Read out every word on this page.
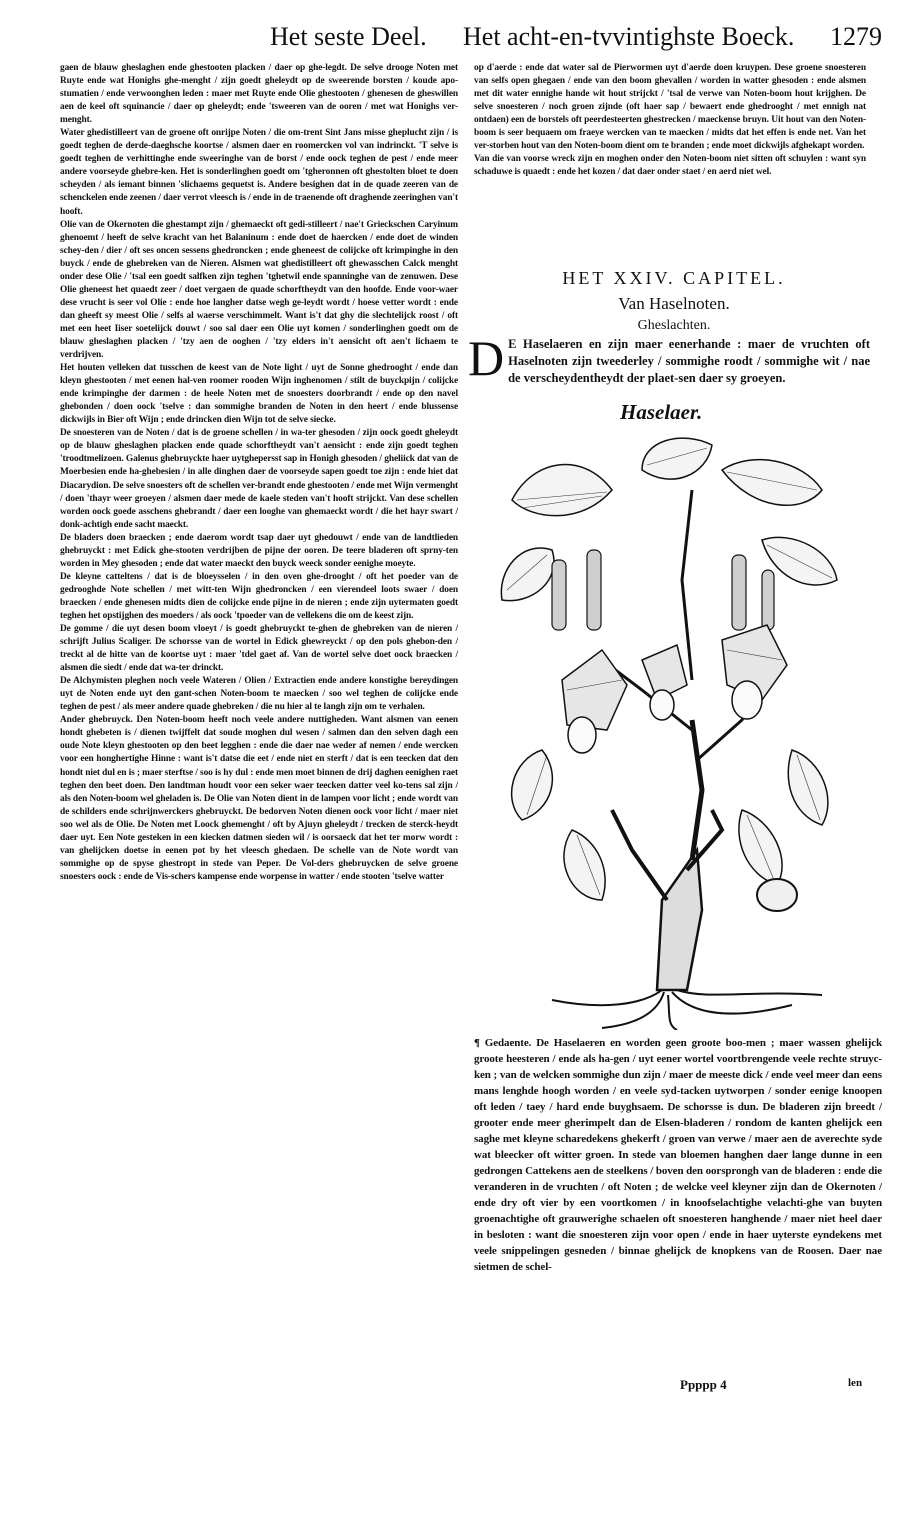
Het seste Deel. Het acht-en-tvvintighste Boeck. 1279

gaen de blauw gheslaghen ende ghestooten placken / daer op ghe-legdt. De selve drooge Noten met Ruyte ende wat Honighs ghe-menght / zijn goedt gheleydt op de sweerende borsten / koude apo-stumatien / ende verwoonghen leden : maer met Ruyte ende Olie ghestooten / ghenesen de gheswillen aen de keel oft squinancie / daer op gheleydt; ende 'tsweeren van de ooren / met wat Honighs ver-menght.

Water ghedistilleert van de groene oft onrijpe Noten / die om-trent Sint Jans misse gheplucht zijn / is goedt teghen de derde-daeghsche koortse / alsmen daer en roomercken vol van indrinckt. 'T selve is goedt teghen de verhittinghe ende sweeringhe van de borst / ende oock teghen de pest / ende meer andere voorseyde ghebre-ken. Het is sonderlinghen goedt om 'tgheronnen oft ghestolten bloet te doen scheyden / als iemant binnen 'slichaems gequetst is. Andere besighen dat in de quade zeeren van de schenckelen ende zeenen / daer verrot vleesch is / ende in de traenende oft draghende zeeringhen van't hooft.

Olie van de Okernoten die ghestampt zijn / ghemaeckt oft gedi-stilleert / nae't Grieckschen Caryinum ghenoemt / heeft de selve kracht van het Balaninum : ende doet de haercken / ende doet de winden schey-den / dier / oft ses oncen sessens ghedroncken ; ende gheneest de colijcke oft krimpinghe in den buyck / ende de ghebreken van de Nieren. Alsmen wat ghedistilleert oft ghewasschen Calck menght onder dese Olie / 'tsal een goedt salfken zijn teghen 'tghetwil ende spanninghe van de zenuwen. Dese Olie gheneest het quaedt zeer / doet vergaen de quade schorftheydt van den hoofde. Ende voor-waer dese vrucht is seer vol Olie : ende hoe langher datse wegh ge-leydt wordt / hoese vetter wordt : ende dan gheeft sy meest Olie / selfs al waerse verschimmelt. Want is't dat ghy die slechtelijck roost / oft met een heet Iiser soetelijck douwt / soo sal daer een Olie uyt komen / sonderlinghen goedt om de blauw gheslaghen placken / 'tzy aen de ooghen / 'tzy elders in't aensicht oft aen't lichaem te verdrijven.

Het houten velleken dat tusschen de keest van de Note light / uyt de Sonne ghedrooght / ende dan kleyn ghestooten / met eenen hal-ven roomer rooden Wijn inghenomen / stilt de buyckpijn / colijcke ende krimpinghe der darmen : de heele Noten met de snoesters doorbrandt / ende op den navel ghebonden / doen oock 'tselve : dan sommighe branden de Noten in den heert / ende blussense dickwijls in Bier oft Wijn ; ende drincken dien Wijn tot de selve siecke.

De snoesteren van de Noten / dat is de groene schellen / in wa-ter ghesoden / zijn oock goedt gheleydt op de blauw gheslaghen placken ende quade schorftheydt van't aensicht : ende zijn goedt teghen 'troodtmelizoen. Galenus ghebruyckte haer uytghepersst sap in Honigh ghesoden / gheliick dat van de Moerbesien ende ha-ghebesien / in alle dinghen daer de voorseyde sapen goedt toe zijn : ende hiet dat Diacarydion. De selve snoesters oft de schellen ver-brandt ende ghestooten / ende met Wijn vermenght / doen 'thayr weer groeyen / alsmen daer mede de kaele steden van't hooft strijckt. Van dese schellen worden oock goede asschens ghebrandt / daer een looghe van ghemaeckt wordt / die het hayr swart / donk-achtigh ende sacht maeckt.

De bladers doen braecken ; ende daerom wordt tsap daer uyt ghedouwt / ende van de landtlieden ghebruyckt : met Edick ghe-stooten verdrijben de pijne der ooren. De teere bladeren oft sprny-ten worden in Mey ghesoden ; ende dat water maeckt den buyck weeck sonder eenighe moeyte.

De kleyne catteltens / dat is de bloeysselen / in den oven ghe-drooght / oft het poeder van de gedrooghde Note schellen / met witt-ten Wijn ghedroncken / een vierendeel loots swaer / doen braecken / ende ghenesen midts dien de colijcke ende pijne in de nieren ; ende zijn uytermaten goedt teghen het opstijghen des moeders / als oock 'tpoeder van de vellekens die om de keest zijn.

De gomme / die uyt desen boom vloeyt / is goedt ghebruyckt te-ghen de ghebreken van de nieren / schrijft Julius Scaliger. De schorsse van de wortel in Edick ghewreyckt / op den pols ghebon-den / treckt al de hitte van de koortse uyt : maer 'tdel gaet af. Van de wortel selve doet oock braecken / alsmen die siedt / ende dat wa-ter drinckt.

De Alchymisten pleghen noch veele Wateren / Olien / Extractien ende andere konstighe bereydingen uyt de Noten ende uyt den gant-schen Noten-boom te maecken / soo wel teghen de colijcke ende teghen de pest / als meer andere quade ghebreken / die nu hier al te langh zijn om te verhalen.

Ander ghebruyck. Den Noten-boom heeft noch veele andere nuttigheden. Want alsmen van eenen hondt ghebeten is / dienen twijffelt dat soude moghen dul wesen / salmen dan den selven dagh een oude Note kleyn ghestooten op den beet legghen : ende die daer nae weder af nemen / ende wercken voor een honghertighe Hinne : want is't datse die eet / ende niet en sterft / dat is een teecken dat den hondt niet dul en is ; maer sterftse / soo is hy dul : ende men moet binnen de drij daghen eenighen raet teghen den beet doen. Den landtman houdt voor een seker waer teecken datter veel ko-tens sal zijn / als den Noten-boom wel gheladen is. De Olie van Noten dient in de lampen voor licht ; ende wordt van de schilders ende schrijnwerckers ghebruyckt. De bedorven Noten dienen oock voor licht / maer niet soo wel als de Olie. De Noten met Loock ghemenght / oft by Ajuyn gheleydt / trecken de sterck-heydt daer uyt. Een Note gesteken in een kiecken datmen sieden wil / is oorsaeck dat het ter morw wordt : van ghelijcken doetse in eenen pot by het vleesch ghedaen. De schelle van de Note wordt van sommighe op de spyse ghestropt in stede van Peper. De Vol-ders ghebruycken de selve groene snoesters oock : ende de Vis-schers kampense ende worpense in watter / ende stooten 'tselve watter

op d'aerde : ende dat water sal de Pierwormen uyt d'aerde doen kruypen. Dese groene snoesteren van selfs open ghegaen / ende van den boom ghevallen / worden in watter ghesoden : ende alsmen met dit water ennighe hande wit hout strijckt / 'tsal de verwe van Noten-boom hout krijghen. De selve snoesteren / noch groen zijnde (oft haer sap / bewaert ende ghedrooght / met ennigh nat ontdaen) een de borstels oft peerdesteerten ghestrecken / maeckense bruyn. Uit hout van den Noten-boom is seer bequaem om fraeye wercken van te maecken / midts dat het effen is ende net. Van het ver-storben hout van den Noten-boom dient om te branden ; ende moet dickwijls afghekapt worden.

Van die van voorse wreck zijn en moghen onder den Noten-boom niet sitten oft schuylen : want syn schaduwe is quaedt : ende het kozen / dat daer onder staet / en aerd niet wel.

HET XXIV. CAPITEL.
Van Haselnoten.
Gheslachten.
D E Haselaeren en zijn maer eenerhande : maer de vruchten oft Haselnoten zijn tweederley / sommighe roodt / sommighe wit / nae de verscheydentheydt der plaet-sen daer sy groeyen.
Haselaer.

¶ Gedaente. De Haselaeren en worden geen groote boo-men ; maer wassen ghelijck groote heesteren / ende als ha-gen / uyt eener wortel voortbrengende veele rechte struyc-ken ; van de welcken sommighe dun zijn / maer de meeste dick / ende veel meer dan eens mans lenghde hoogh worden / en veele syd-tacken uytworpen / sonder eenige knoopen oft leden / taey / hard ende buyghsaem. De schorsse is dun. De bladeren zijn breedt / grooter ende meer gherimpelt dan de Elsen-bladeren / rondom de kanten ghelijck een saghe met kleyne scharedekens ghekerft / groen van verwe / maer aen de averechte syde wat bleecker oft witter groen. In stede van bloemen hanghen daer lange dunne in een gedrongen Cattekens aen de steelkens / boven den oorsprongh van de bladeren : ende die veranderen in de vruchten / oft Noten ; de welcke veel kleyner zijn dan de Okernoten / ende dry oft vier by een voortkomen / in knoofselachtighe velachti-ghe van buyten groenachtighe oft grauwerighe schaelen oft snoesteren hanghende / maer niet heel daer in besloten : want die snoesteren zijn voor open / ende in haer uyterste eyndekens met veele snippelingen gesneden / binnae ghelijck de knopkens van de Roosen. Daer nae sietmen de schel-

Ppppp 4	len
